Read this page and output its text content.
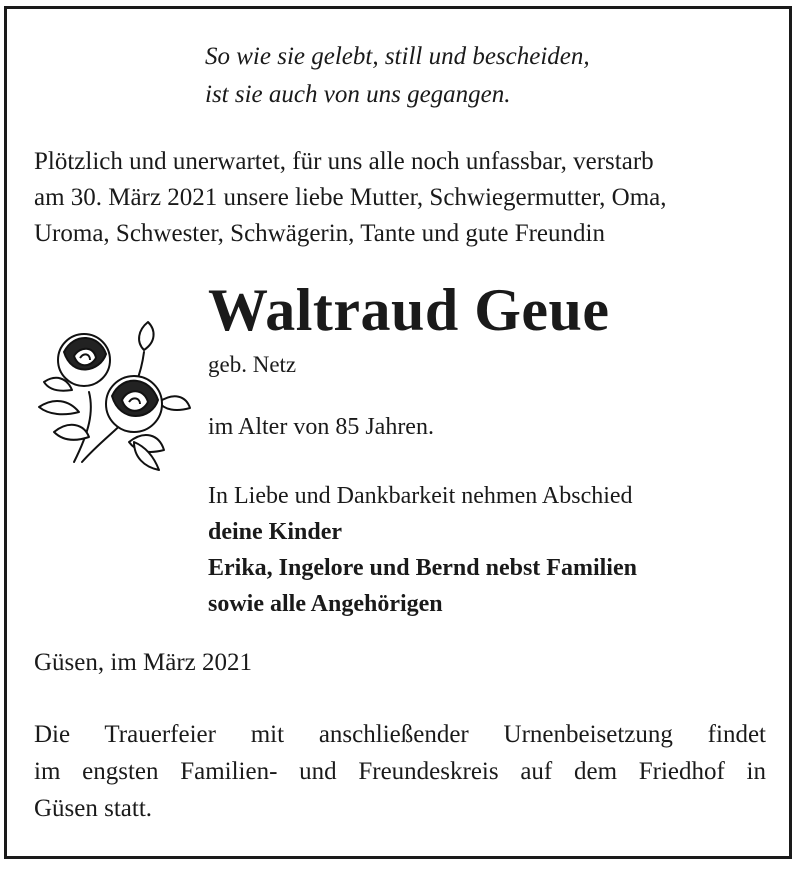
So wie sie gelebt, still und bescheiden,
ist sie auch von uns gegangen.
Plötzlich und unerwartet, für uns alle noch unfassbar, verstarb
am 30. März 2021 unsere liebe Mutter, Schwiegermutter, Oma,
Uroma, Schwester, Schwägerin, Tante und gute Freundin
Waltraud Geue
geb. Netz
im Alter von 85 Jahren.
In Liebe und Dankbarkeit nehmen Abschied
deine Kinder
Erika, Ingelore und Bernd nebst Familien
sowie alle Angehörigen
Güsen, im März 2021
Die Trauerfeier mit anschließender Urnenbeisetzung findet
im engsten Familien- und Freundeskreis auf dem Friedhof in
Güsen statt.
